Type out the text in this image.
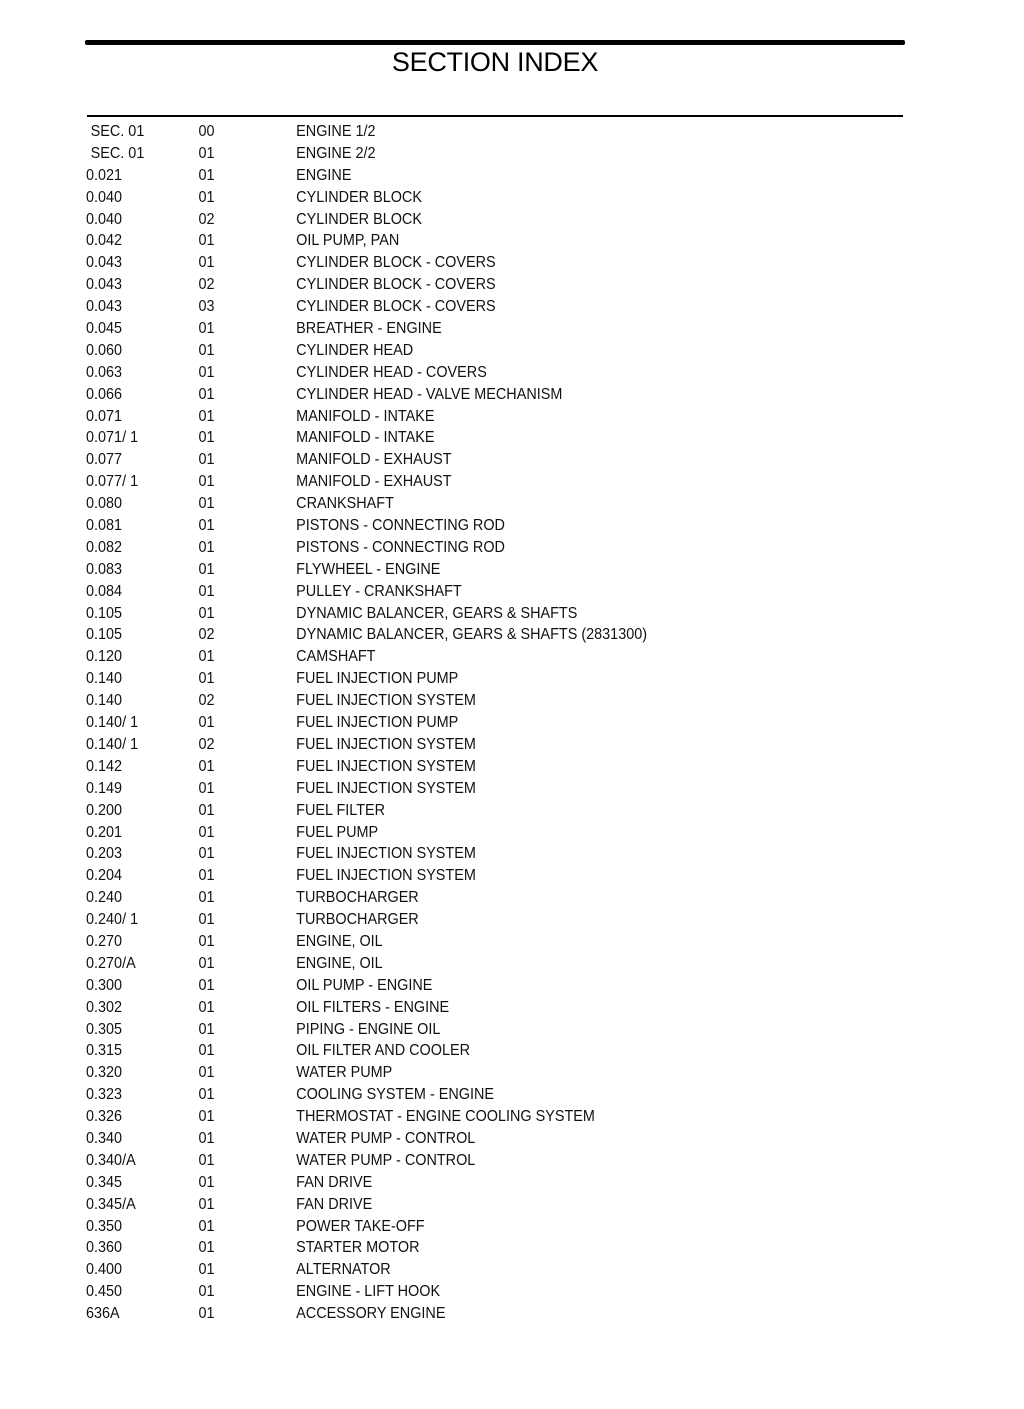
SECTION INDEX
SEC. 01	00	ENGINE 1/2
SEC. 01	01	ENGINE 2/2
0.021	01	ENGINE
0.040	01	CYLINDER BLOCK
0.040	02	CYLINDER BLOCK
0.042	01	OIL PUMP, PAN
0.043	01	CYLINDER BLOCK - COVERS
0.043	02	CYLINDER BLOCK - COVERS
0.043	03	CYLINDER BLOCK - COVERS
0.045	01	BREATHER - ENGINE
0.060	01	CYLINDER HEAD
0.063	01	CYLINDER HEAD - COVERS
0.066	01	CYLINDER HEAD - VALVE MECHANISM
0.071	01	MANIFOLD - INTAKE
0.071/ 1	01	MANIFOLD - INTAKE
0.077	01	MANIFOLD - EXHAUST
0.077/ 1	01	MANIFOLD - EXHAUST
0.080	01	CRANKSHAFT
0.081	01	PISTONS - CONNECTING ROD
0.082	01	PISTONS - CONNECTING ROD
0.083	01	FLYWHEEL - ENGINE
0.084	01	PULLEY - CRANKSHAFT
0.105	01	DYNAMIC BALANCER, GEARS & SHAFTS
0.105	02	DYNAMIC BALANCER, GEARS & SHAFTS (2831300)
0.120	01	CAMSHAFT
0.140	01	FUEL INJECTION PUMP
0.140	02	FUEL INJECTION SYSTEM
0.140/ 1	01	FUEL INJECTION PUMP
0.140/ 1	02	FUEL INJECTION SYSTEM
0.142	01	FUEL INJECTION SYSTEM
0.149	01	FUEL INJECTION SYSTEM
0.200	01	FUEL FILTER
0.201	01	FUEL PUMP
0.203	01	FUEL INJECTION SYSTEM
0.204	01	FUEL INJECTION SYSTEM
0.240	01	TURBOCHARGER
0.240/ 1	01	TURBOCHARGER
0.270	01	ENGINE, OIL
0.270/A	01	ENGINE, OIL
0.300	01	OIL PUMP - ENGINE
0.302	01	OIL FILTERS - ENGINE
0.305	01	PIPING - ENGINE OIL
0.315	01	OIL FILTER AND COOLER
0.320	01	WATER PUMP
0.323	01	COOLING SYSTEM - ENGINE
0.326	01	THERMOSTAT - ENGINE COOLING SYSTEM
0.340	01	WATER PUMP - CONTROL
0.340/A	01	WATER PUMP - CONTROL
0.345	01	FAN DRIVE
0.345/A	01	FAN DRIVE
0.350	01	POWER TAKE-OFF
0.360	01	STARTER MOTOR
0.400	01	ALTERNATOR
0.450	01	ENGINE - LIFT HOOK
636A	01	ACCESSORY ENGINE
